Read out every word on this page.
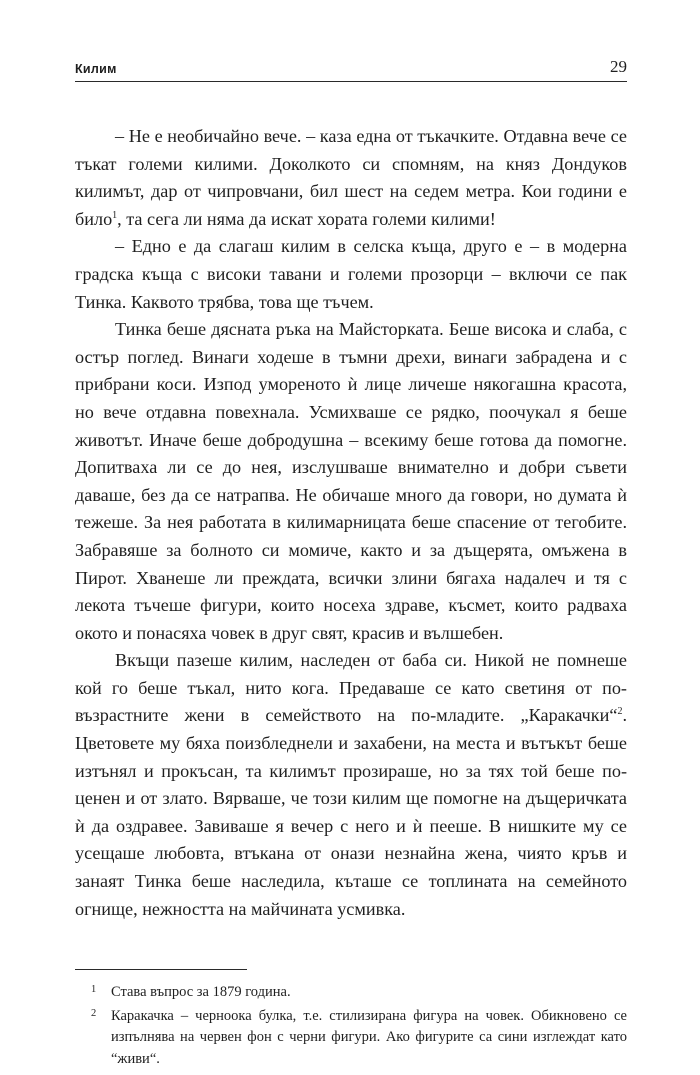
Килим	29

– Не е необичайно вече. – каза една от тъкачките. Отдавна вече се тъкат големи килими. Доколкото си спомням, на княз Дондуков килимът, дар от чипровчани, бил шест на седем метра. Кои години е било$^1$, та сега ли няма да искат хората големи килими!

– Едно е да слагаш килим в селска къща, друго е – в модерна градска къща с високи тавани и големи прозорци – включи се пак Тинка. Каквото трябва, това ще тъчем.

Тинка беше дясната ръка на Майсторката. Беше висока и слаба, с остър поглед. Винаги ходеше в тъмни дрехи, винаги забрадена и с прибрани коси. Изпод умореното ѝ лице личеше някогашна красота, но вече отдавна повехнала. Усмихваше се рядко, поочукал я беше животът. Иначе беше добродушна – всекиму беше готова да помогне. Допитваха ли се до нея, изслушваше внимателно и добри съвети даваше, без да се натрапва. Не обичаше много да говори, но думата ѝ тежеше. За нея работата в килимарницата беше спасение от тегобите. Забравяше за болното си момиче, както и за дъщерята, омъжена в Пирот. Хванеше ли преждата, всички злини бягаха надалеч и тя с лекота тъчеше фигури, които носеха здраве, късмет, които радваха окото и понасяха човек в друг свят, красив и вълшебен.

Вкъщи пазеше килим, наследен от баба си. Никой не помнеше кой го беше тъкал, нито кога. Предаваше се като светиня от по-възрастните жени в семейството на по-младите. „Каракачки“$^2$. Цветовете му бяха поизбледнели и захабени, на места и вътъкът беше изтънял и прокъсан, та килимът прозираше, но за тях той беше по-ценен и от злато. Вярваше, че този килим ще помогне на дъщеричката ѝ да оздравее. Завиваше я вечер с него и ѝ пееше. В нишките му се усещаше любовта, втъкана от онази незнайна жена, чиято кръв и занаят Тинка беше наследила, къташе се топлината на семейното огнище, нежността на майчината усмивка.

1	Става въпрос за 1879 година.
2	Каракачка – черноока булка, т.е. стилизирана фигура на човек. Обикновено се изпълнява на червен фон с черни фигури. Ако фигурите са сини изглеждат като “живи“.
